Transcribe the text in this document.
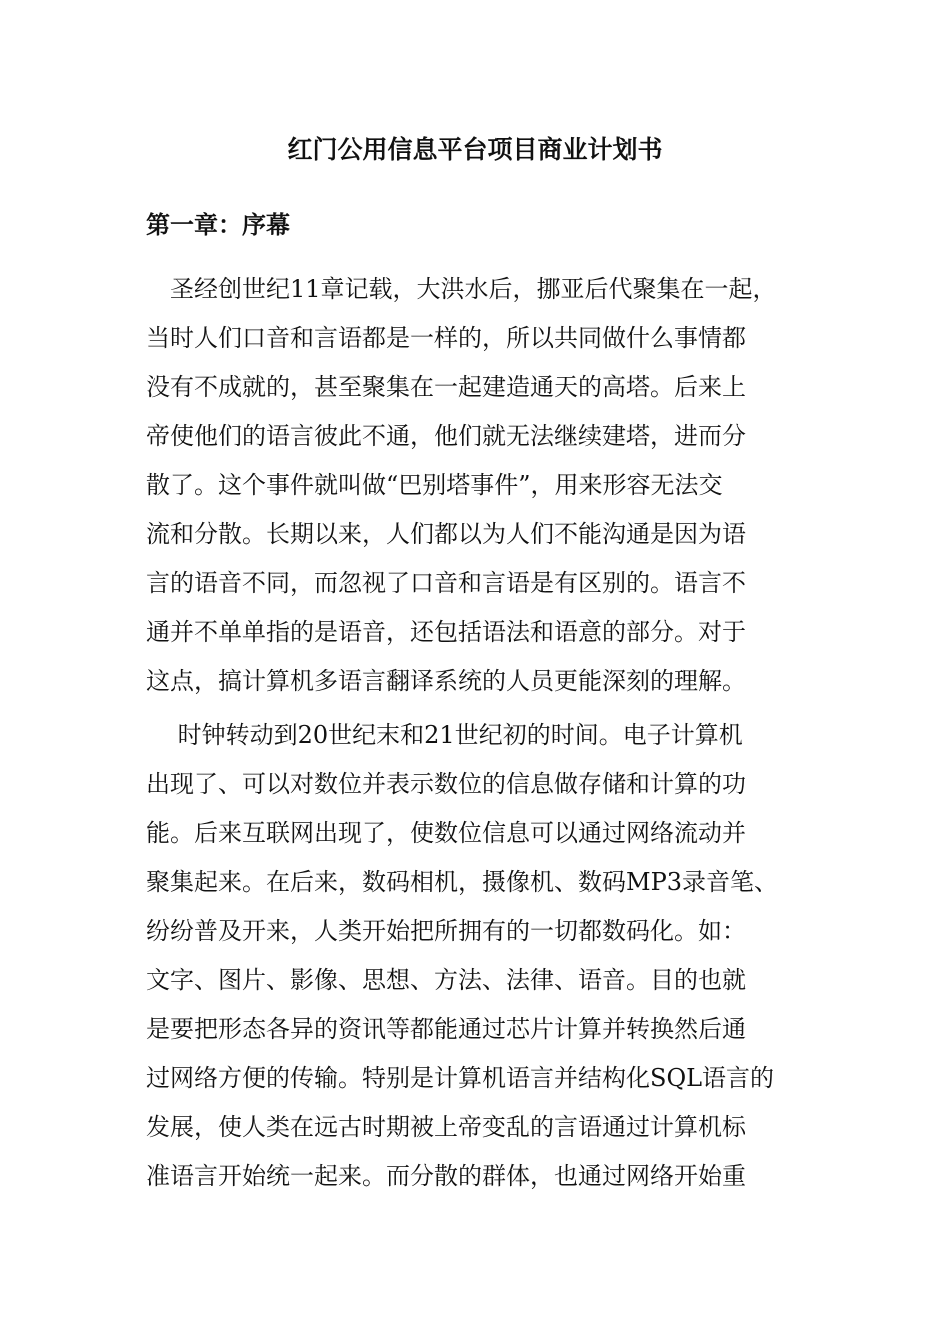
红门公用信息平台项目商业计划书
第一章：序幕

　圣经创世纪11章记载，大洪水后，挪亚后代聚集在一起，

当时人们口音和言语都是一样的，所以共同做什么事情都

没有不成就的，甚至聚集在一起建造通天的高塔。后来上

帝使他们的语言彼此不通，他们就无法继续建塔，进而分

散了。这个事件就叫做“巴别塔事件”，用来形容无法交

流和分散。长期以来，人们都以为人们不能沟通是因为语

言的语音不同，而忽视了口音和言语是有区别的。语言不

通并不单单指的是语音，还包括语法和语意的部分。对于

这点，搞计算机多语言翻译系统的人员更能深刻的理解。

　 时钟转动到20世纪末和21世纪初的时间。电子计算机

出现了、可以对数位并表示数位的信息做存储和计算的功

能。后来互联网出现了，使数位信息可以通过网络流动并

聚集起来。在后来，数码相机，摄像机、数码MP3录音笔、

纷纷普及开来，人类开始把所拥有的一切都数码化。如：

文字、图片、影像、思想、方法、法律、语音。目的也就

是要把形态各异的资讯等都能通过芯片计算并转换然后通

过网络方便的传输。特别是计算机语言并结构化SQL语言的

发展，使人类在远古时期被上帝变乱的言语通过计算机标

准语言开始统一起来。而分散的群体，也通过网络开始重
